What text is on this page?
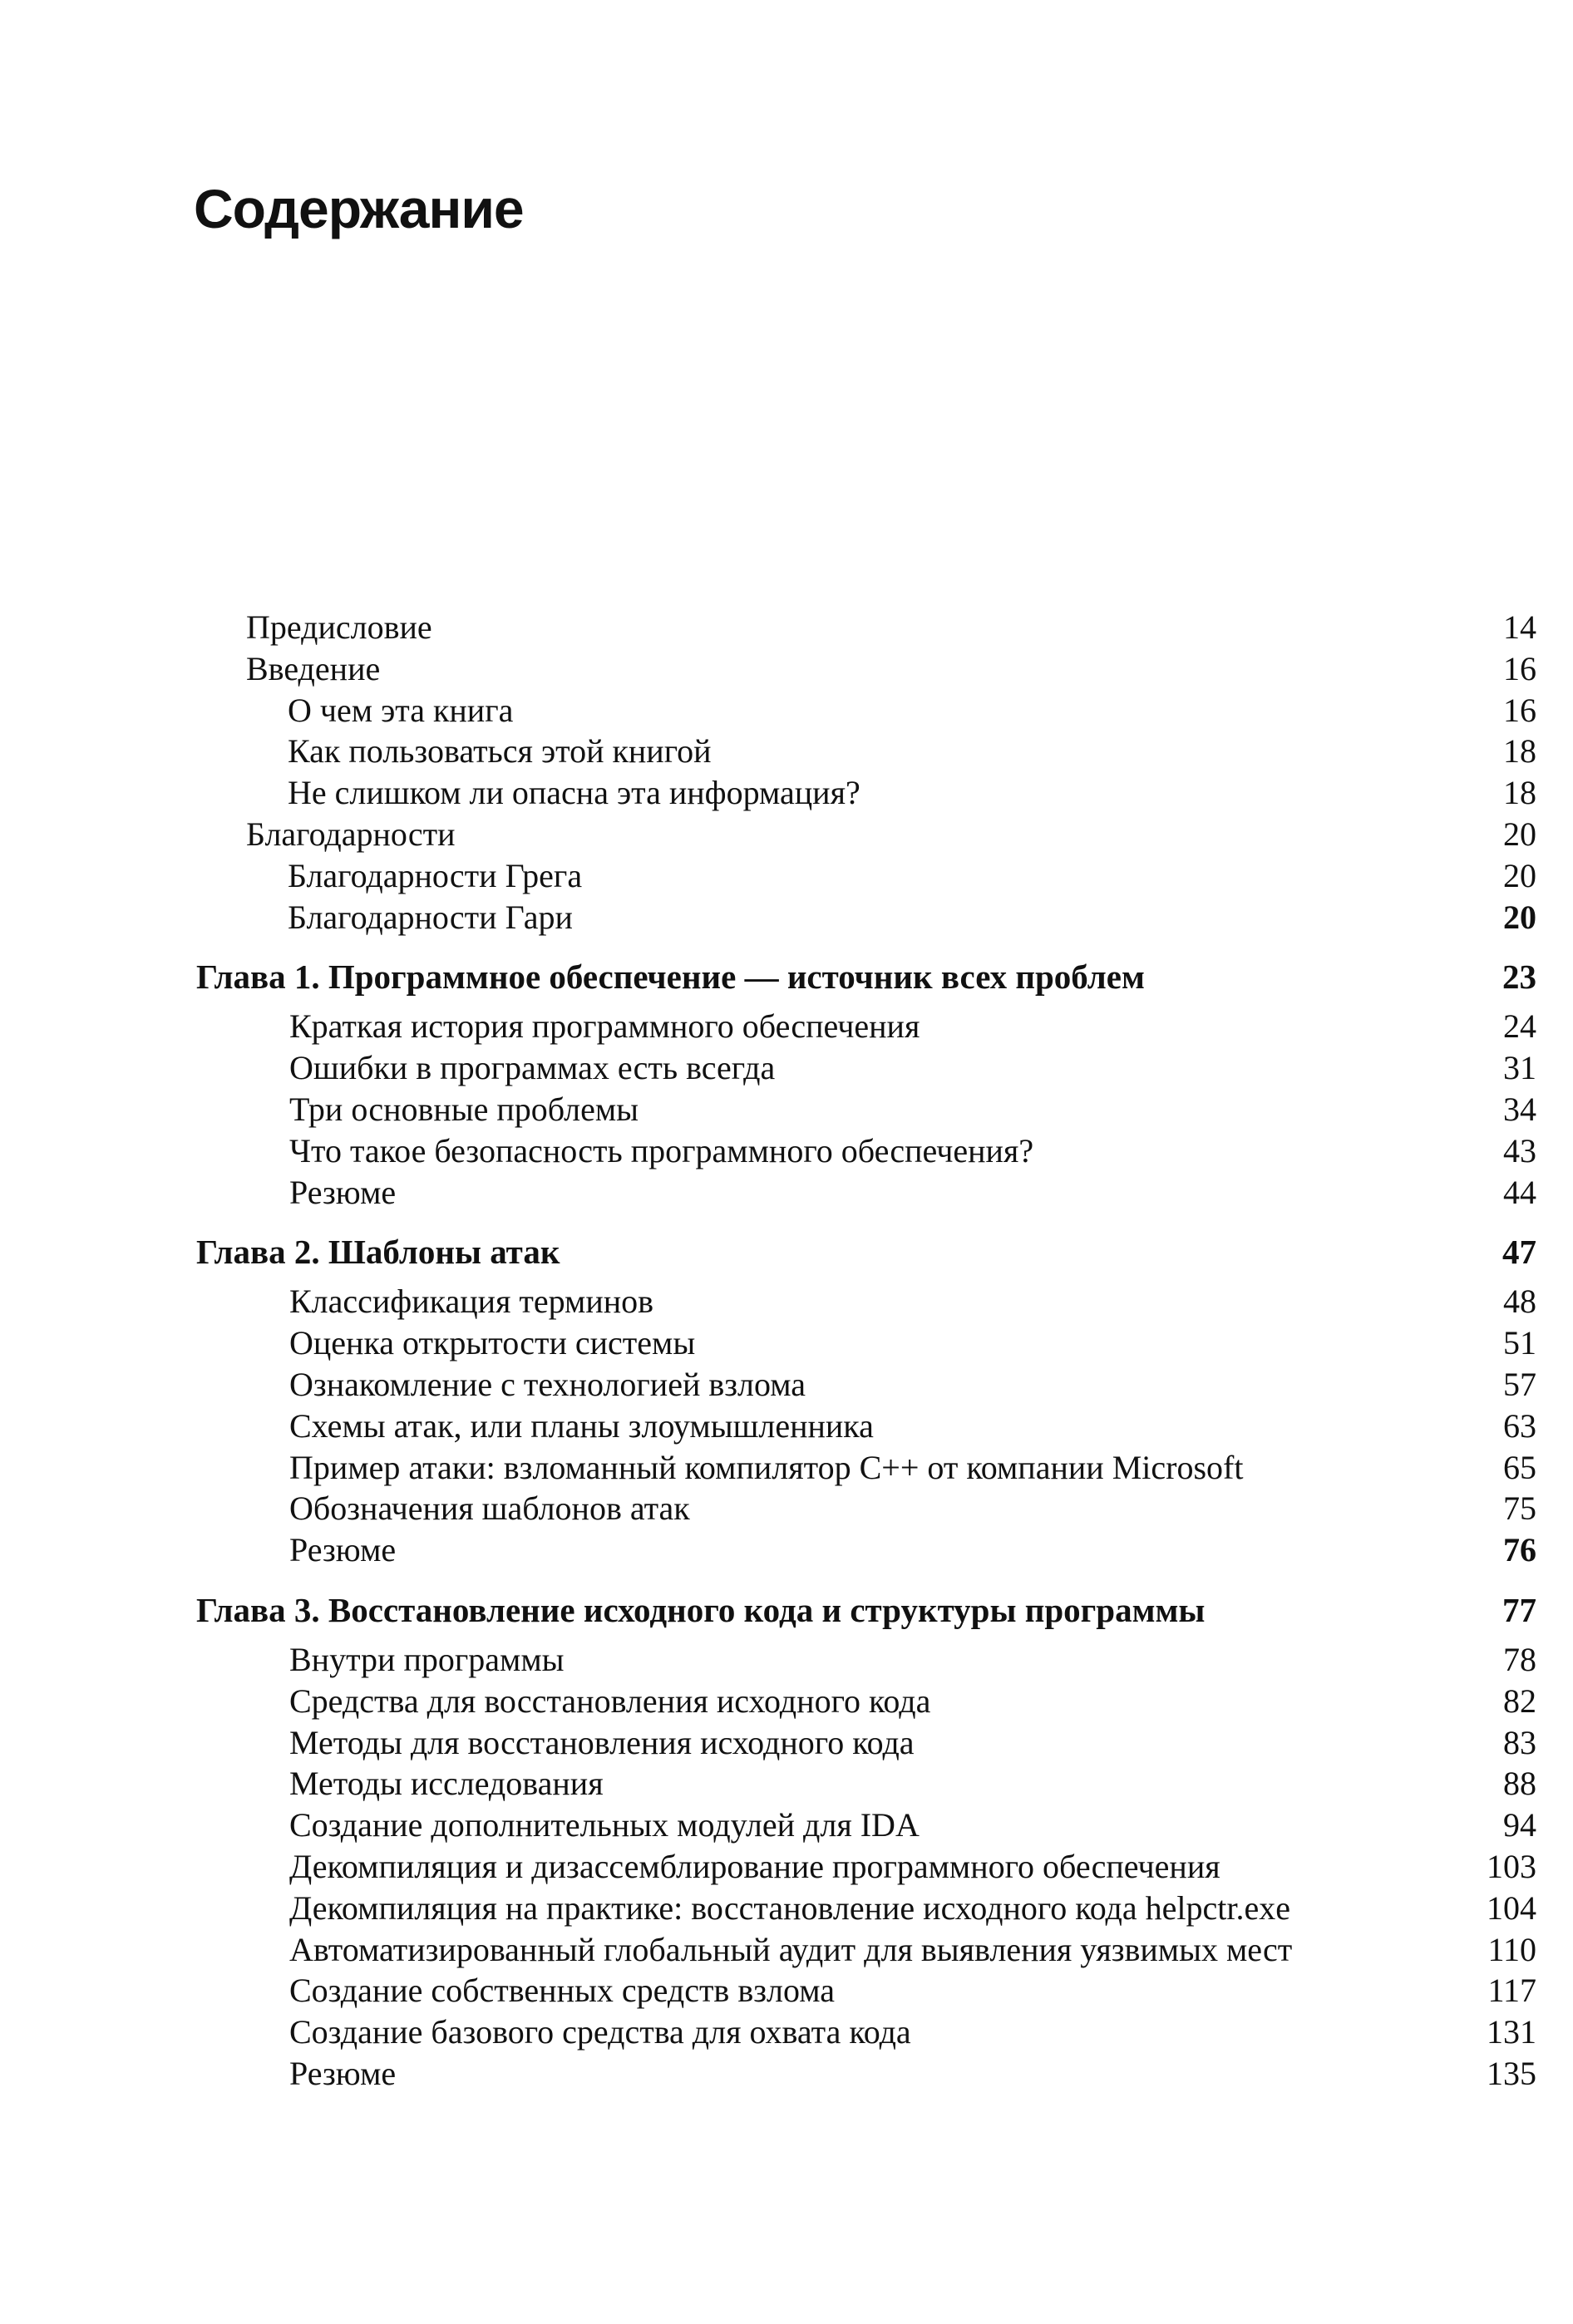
Содержание
Предисловие	14
Введение	16
О чем эта книга	16
Как пользоваться этой книгой	18
Не слишком ли опасна эта информация?	18
Благодарности	20
Благодарности Грега	20
Благодарности Гари	20
Глава 1. Программное обеспечение — источник всех проблем	23
Краткая история программного обеспечения	24
Ошибки в программах есть всегда	31
Три основные проблемы	34
Что такое безопасность программного обеспечения?	43
Резюме	44
Глава 2. Шаблоны атак	47
Классификация терминов	48
Оценка открытости системы	51
Ознакомление с технологией взлома	57
Схемы атак, или планы злоумышленника	63
Пример атаки: взломанный компилятор C++ от компании Microsoft	65
Обозначения шаблонов атак	75
Резюме	76
Глава 3. Восстановление исходного кода и структуры программы	77
Внутри программы	78
Средства для восстановления исходного кода	82
Методы для восстановления исходного кода	83
Методы исследования	88
Создание дополнительных модулей для IDA	94
Декомпиляция и дизассемблирование программного обеспечения	103
Декомпиляция на практике: восстановление исходного кода helpctr.exe	104
Автоматизированный глобальный аудит для выявления уязвимых мест	110
Создание собственных средств взлома	117
Создание базового средства для охвата кода	131
Резюме	135
